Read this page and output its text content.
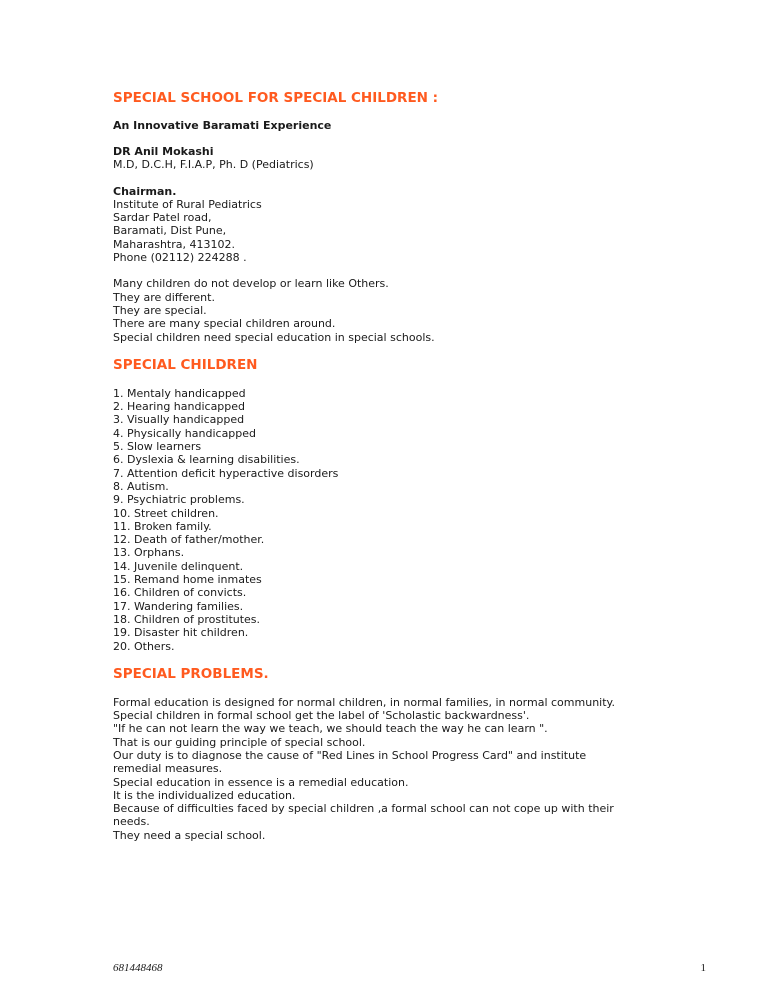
SPECIAL SCHOOL FOR SPECIAL CHILDREN :
An Innovative Baramati Experience
DR Anil Mokashi
M.D, D.C.H, F.I.A.P, Ph. D (Pediatrics)
Chairman.
Institute of Rural Pediatrics
Sardar Patel road,
Baramati, Dist Pune,
Maharashtra, 413102.
Phone (02112) 224288 .
Many children do not develop or learn like Others.
They are different.
They are special.
There are many special children around.
Special children need special education in special schools.
SPECIAL CHILDREN
1. Mentaly handicapped
2. Hearing handicapped
3. Visually handicapped
4. Physically handicapped
5. Slow learners
6. Dyslexia & learning disabilities.
7. Attention deficit hyperactive disorders
8. Autism.
9. Psychiatric problems.
10. Street children.
11. Broken family.
12. Death of father/mother.
13. Orphans.
14. Juvenile delinquent.
15. Remand home inmates
16. Children of convicts.
17. Wandering families.
18. Children of prostitutes.
19. Disaster hit children.
20. Others.
SPECIAL PROBLEMS.
Formal education is designed for normal children, in normal families, in normal community.
Special children in formal school get the label of 'Scholastic backwardness'.
"If he can not learn the way we teach, we should teach the way he can learn ".
That is our guiding principle of special school.
Our duty is to diagnose the cause of "Red Lines in School Progress Card" and institute
remedial measures.
Special education in essence is a remedial education.
It is the individualized education.
Because of difficulties faced by special children ,a formal school can not cope up with their
needs.
They need a special school.
681448468	1
